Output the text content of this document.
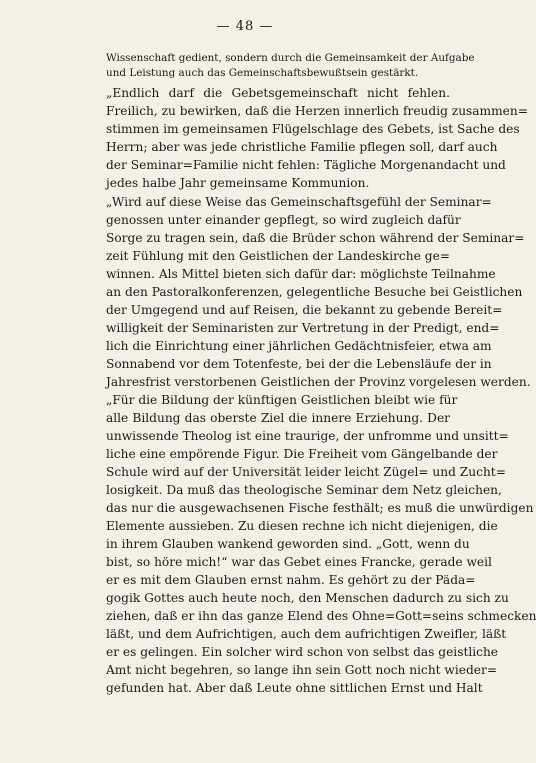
— 48 —
Wissenschaft gedient, sondern durch die Gemeinsamkeit der Aufgabe
und Leistung auch das Gemeinschaftsbewußtsein gestärkt.
„Endlich darf die Gebetsgemeinschaft nicht fehlen.
Freilich, zu bewirken, daß die Herzen innerlich freudig zusammen=
stimmen im gemeinsamen Flügelschlage des Gebets, ist Sache des
Herrn; aber was jede christliche Familie pflegen soll, darf auch
der Seminar=Familie nicht fehlen: Tägliche Morgenandacht und
jedes halbe Jahr gemeinsame Kommunion.
„Wird auf diese Weise das Gemeinschaftsgefühl der Seminar=
genossen unter einander gepflegt, so wird zugleich dafür
Sorge zu tragen sein, daß die Brüder schon während der Seminar=
zeit Fühlung mit den Geistlichen der Landeskirche ge=
winnen. Als Mittel bieten sich dafür dar: möglichste Teilnahme
an den Pastoralkonferenzen, gelegentliche Besuche bei Geistlichen
der Umgegend und auf Reisen, die bekannt zu gebende Bereit=
willigkeit der Seminaristen zur Vertretung in der Predigt, end=
lich die Einrichtung einer jährlichen Gedächtnisfeier, etwa am
Sonnabend vor dem Totenfeste, bei der die Lebensläufe der in
Jahresfrist verstorbenen Geistlichen der Provinz vorgelesen werden.
„Für die Bildung der künftigen Geistlichen bleibt wie für
alle Bildung das oberste Ziel die innere Erziehung. Der
unwissende Theolog ist eine traurige, der unfromme und unsitt=
liche eine empörende Figur. Die Freiheit vom Gängelbande der
Schule wird auf der Universität leider leicht Zügel= und Zucht=
losigkeit. Da muß das theologische Seminar dem Netz gleichen,
das nur die ausgewachsenen Fische festhält; es muß die unwürdigen
Elemente aussieben. Zu diesen rechne ich nicht diejenigen, die
in ihrem Glauben wankend geworden sind. „Gott, wenn du
bist, so höre mich!“ war das Gebet eines Francke, gerade weil
er es mit dem Glauben ernst nahm. Es gehört zu der Päda=
gogik Gottes auch heute noch, den Menschen dadurch zu sich zu
ziehen, daß er ihn das ganze Elend des Ohne=Gott=seins schmecken
läßt, und dem Aufrichtigen, auch dem aufrichtigen Zweifler, läßt
er es gelingen. Ein solcher wird schon von selbst das geistliche
Amt nicht begehren, so lange ihn sein Gott noch nicht wieder=
gefunden hat. Aber daß Leute ohne sittlichen Ernst und Halt
